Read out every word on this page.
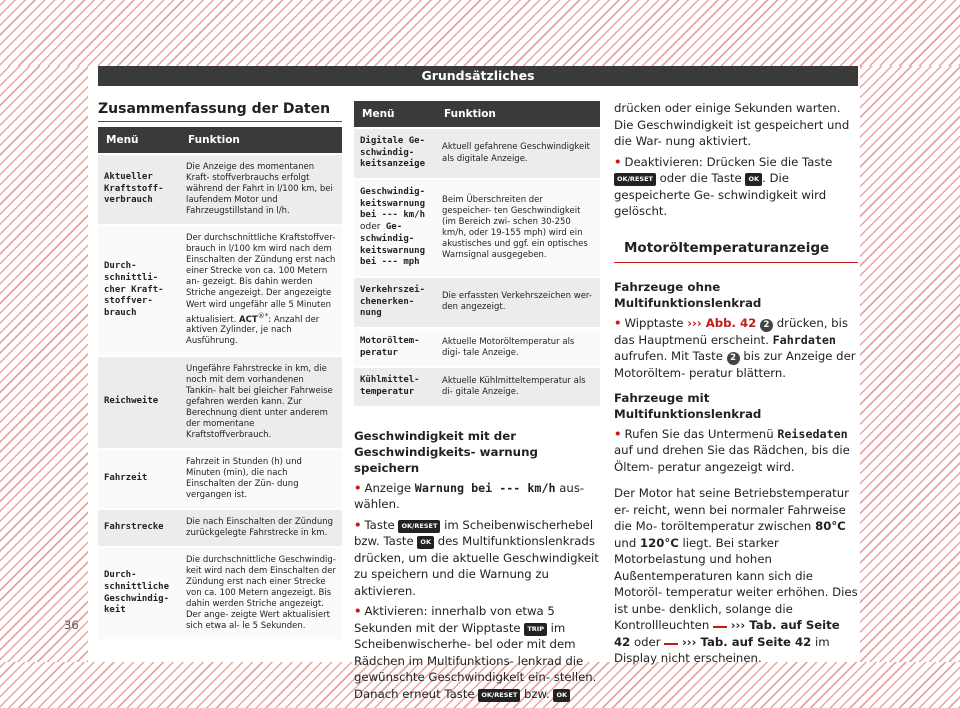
Grundsätzliches
36
Zusammenfassung der Daten
Menü	Funktion
Aktueller Kraftstoff- verbrauch	Die Anzeige des momentanen Kraft- stoffverbrauchs erfolgt während der Fahrt in l/100 km, bei laufendem Motor und Fahrzeugstillstand in l/h.
Durch- schnittli- cher Kraft- stoffver- brauch	Der durchschnittliche Kraftstoffver- brauch in l/100 km wird nach dem Einschalten der Zündung erst nach einer Strecke von ca. 100 Metern an- gezeigt. Bis dahin werden Striche angezeigt. Der angezeigte Wert wird ungefähr alle 5 Minuten aktualisiert. ACT®*: Anzahl der aktiven Zylinder, je nach Ausführung.
Reichweite	Ungefähre Fahrstrecke in km, die noch mit dem vorhandenen Tankin- halt bei gleicher Fahrweise gefahren werden kann. Zur Berechnung dient unter anderem der momentane Kraftstoffverbrauch.
Fahrzeit	Fahrzeit in Stunden (h) und Minuten (min), die nach Einschalten der Zün- dung vergangen ist.
Fahrstrecke	Die nach Einschalten der Zündung zurückgelegte Fahrstrecke in km.
Durch- schnittliche Geschwindig- keit	Die durchschnittliche Geschwindig- keit wird nach dem Einschalten der Zündung erst nach einer Strecke von ca. 100 Metern angezeigt. Bis dahin werden Striche angezeigt. Der ange- zeigte Wert aktualisiert sich etwa al- le 5 Sekunden.
Menü	Funktion
Digitale Ge- schwindig- keitsanzeige	Aktuell gefahrene Geschwindigkeit als digitale Anzeige.
Geschwindig- keitswarnung bei --- km/h oder Ge- schwindig- keitswarnung bei --- mph	Beim Überschreiten der gespeicher- ten Geschwindigkeit (im Bereich zwi- schen 30-250 km/h, oder 19-155 mph) wird ein akustisches und ggf. ein optisches Warnsignal ausgegeben.
Verkehrszei- chenerken- nung	Die erfassten Verkehrszeichen wer- den angezeigt.
Motoröltem- peratur	Aktuelle Motoröltemperatur als digi- tale Anzeige.
Kühlmittel- temperatur	Aktuelle Kühlmitteltemperatur als di- gitale Anzeige.
Geschwindigkeit mit der Geschwindigkeits- warnung speichern

• Anzeige Warnung bei --- km/h aus- wählen.

• Taste OK/RESET im Scheibenwischerhebel bzw. Taste OK des Multifunktionslenkrads drücken, um die aktuelle Geschwindigkeit zu speichern und die Warnung zu aktivieren.

• Aktivieren: innerhalb von etwa 5 Sekunden mit der Wipptaste TRIP im Scheibenwischerhe- bel oder mit dem Rädchen im Multifunktions- lenkrad die gewünschte Geschwindigkeit ein- stellen. Danach erneut Taste OK/RESET bzw. OK

drücken oder einige Sekunden warten. Die Geschwindigkeit ist gespeichert und die War- nung aktiviert.

• Deaktivieren: Drücken Sie die Taste OK/RESET oder die Taste OK . Die gespeicherte Ge- schwindigkeit wird gelöscht.

Motoröltemperaturanzeige
Fahrzeuge ohne Multifunktionslenkrad

• Wipptaste ››› Abb. 42 2 drücken, bis das Hauptmenü erscheint. Fahrdaten aufrufen. Mit Taste 2 bis zur Anzeige der Motoröltem- peratur blättern.

Fahrzeuge mit Multifunktionslenkrad

• Rufen Sie das Untermenü Reisedaten auf und drehen Sie das Rädchen, bis die Öltem- peratur angezeigt wird.

Der Motor hat seine Betriebstemperatur er- reicht, wenn bei normaler Fahrweise die Mo- toröltemperatur zwischen 80°C und 120°C liegt. Bei starker Motorbelastung und hohen Außentemperaturen kann sich die Motoröl- temperatur weiter erhöhen. Dies ist unbe- denklich, solange die Kontrollleuchten  ››› Tab. auf Seite 42 oder  ››› Tab. auf Seite 42 im Display nicht erscheinen.
